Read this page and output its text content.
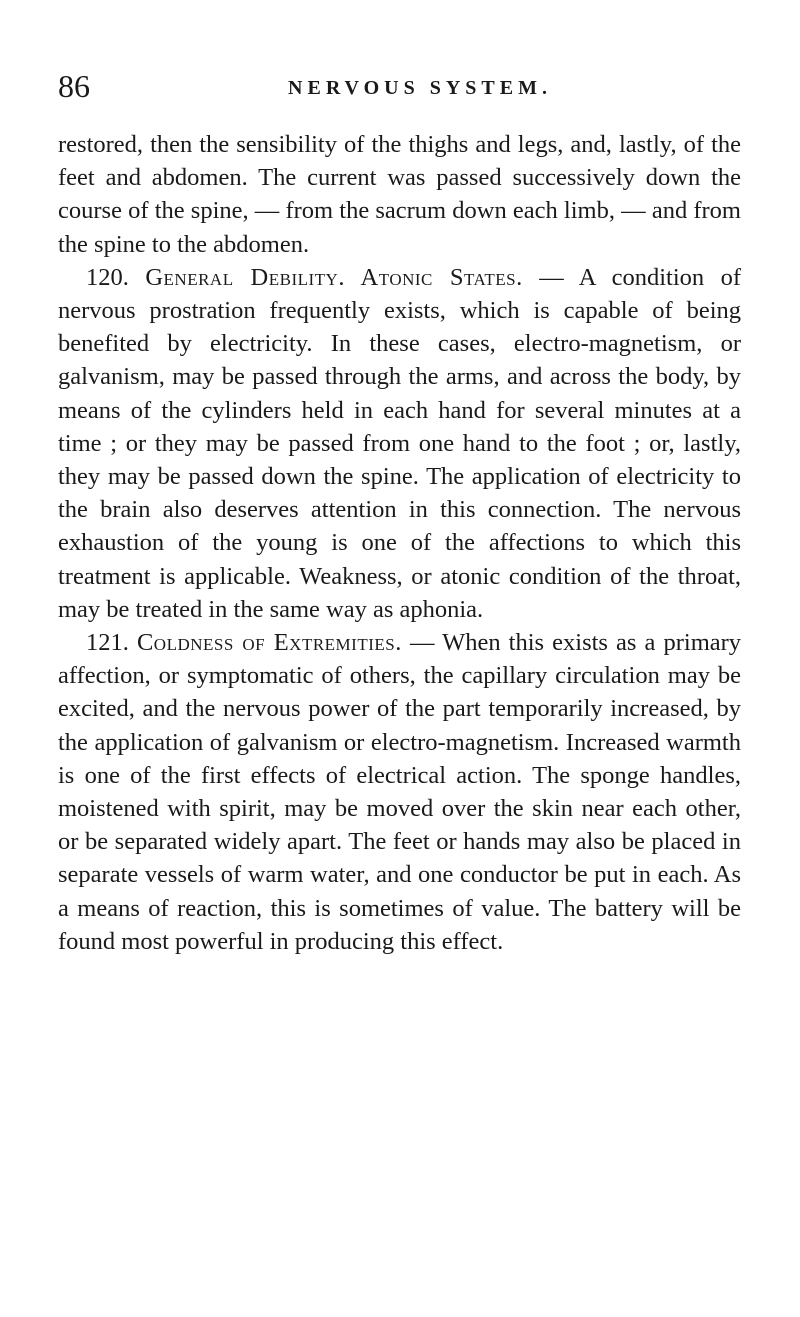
86	NERVOUS SYSTEM.

restored, then the sensibility of the thighs and legs, and, lastly, of the feet and abdomen. The current was passed successively down the course of the spine, — from the sacrum down each limb, — and from the spine to the abdomen.

120. General Debility. Atonic States. — A condition of nervous prostration frequently exists, which is capable of being benefited by electricity. In these cases, electro-magnetism, or galvanism, may be passed through the arms, and across the body, by means of the cylinders held in each hand for several minutes at a time ; or they may be passed from one hand to the foot ; or, lastly, they may be passed down the spine. The application of electricity to the brain also deserves attention in this connection. The nervous exhaustion of the young is one of the affections to which this treatment is applicable. Weakness, or atonic condition of the throat, may be treated in the same way as aphonia.

121. Coldness of Extremities. — When this exists as a primary affection, or symptomatic of others, the capillary circulation may be excited, and the nervous power of the part temporarily increased, by the application of galvanism or electro-magnetism. Increased warmth is one of the first effects of electrical action. The sponge handles, moistened with spirit, may be moved over the skin near each other, or be separated widely apart. The feet or hands may also be placed in separate vessels of warm water, and one conductor be put in each. As a means of reaction, this is sometimes of value. The battery will be found most powerful in producing this effect.
